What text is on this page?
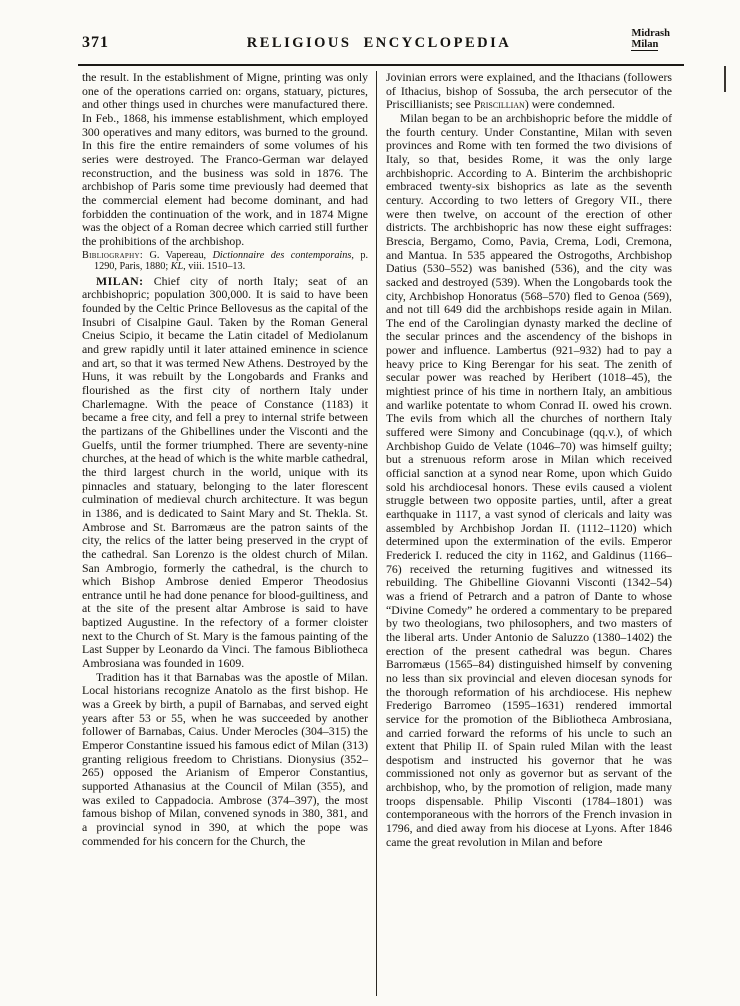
371	RELIGIOUS ENCYCLOPEDIA
Midrash
Milan

the result. In the establishment of Migne, printing was only one of the operations carried on: organs, statuary, pictures, and other things used in churches were manufactured there. In Feb., 1868, his immense establishment, which employed 300 operatives and many editors, was burned to the ground. In this fire the entire remainders of some volumes of his series were destroyed. The Franco-German war delayed reconstruction, and the business was sold in 1876. The archbishop of Paris some time previously had deemed that the commercial element had become dominant, and had forbidden the continuation of the work, and in 1874 Migne was the object of a Roman decree which carried still further the prohibitions of the archbishop.

Bibliography: G. Vapereau, Dictionnaire des contemporains, p. 1290, Paris, 1880; KL, viii. 1510–13.

MILAN: Chief city of north Italy; seat of an archbishopric; population 300,000. It is said to have been founded by the Celtic Prince Bellovesus as the capital of the Insubri of Cisalpine Gaul. Taken by the Roman General Cneius Scipio, it became the Latin citadel of Mediolanum and grew rapidly until it later attained eminence in science and art, so that it was termed New Athens. Destroyed by the Huns, it was rebuilt by the Longobards and Franks and flourished as the first city of northern Italy under Charlemagne. With the peace of Constance (1183) it became a free city, and fell a prey to internal strife between the partizans of the Ghibellines under the Visconti and the Guelfs, until the former triumphed. There are seventy-nine churches, at the head of which is the white marble cathedral, the third largest church in the world, unique with its pinnacles and statuary, belonging to the later florescent culmination of medieval church architecture. It was begun in 1386, and is dedicated to Saint Mary and St. Thekla. St. Ambrose and St. Barromæus are the patron saints of the city, the relics of the latter being preserved in the crypt of the cathedral. San Lorenzo is the oldest church of Milan. San Ambrogio, formerly the cathedral, is the church to which Bishop Ambrose denied Emperor Theodosius entrance until he had done penance for blood-guiltiness, and at the site of the present altar Ambrose is said to have baptized Augustine. In the refectory of a former cloister next to the Church of St. Mary is the famous painting of the Last Supper by Leonardo da Vinci. The famous Bibliotheca Ambrosiana was founded in 1609.

Tradition has it that Barnabas was the apostle of Milan. Local historians recognize Anatolo as the first bishop. He was a Greek by birth, a pupil of Barnabas, and served eight years after 53 or 55, when he was succeeded by another follower of Barnabas, Caius. Under Merocles (304–315) the Emperor Constantine issued his famous edict of Milan (313) granting religious freedom to Christians. Dionysius (352–265) opposed the Arianism of Emperor Constantius, supported Athanasius at the Council of Milan (355), and was exiled to Cappadocia. Ambrose (374–397), the most famous bishop of Milan, convened synods in 380, 381, and a provincial synod in 390, at which the pope was commended for his concern for the Church, the

Jovinian errors were explained, and the Ithacians (followers of Ithacius, bishop of Sossuba, the arch persecutor of the Priscillianists; see Priscillian) were condemned.

Milan began to be an archbishopric before the middle of the fourth century. Under Constantine, Milan with seven provinces and Rome with ten formed the two divisions of Italy, so that, besides Rome, it was the only large archbishopric. According to A. Binterim the archbishopric embraced twenty-six bishoprics as late as the seventh century. According to two letters of Gregory VII., there were then twelve, on account of the erection of other districts. The archbishopric has now these eight suffrages: Brescia, Bergamo, Como, Pavia, Crema, Lodi, Cremona, and Mantua. In 535 appeared the Ostrogoths, Archbishop Datius (530–552) was banished (536), and the city was sacked and destroyed (539). When the Longobards took the city, Archbishop Honoratus (568–570) fled to Genoa (569), and not till 649 did the archbishops reside again in Milan. The end of the Carolingian dynasty marked the decline of the secular princes and the ascendency of the bishops in power and influence. Lambertus (921–932) had to pay a heavy price to King Berengar for his seat. The zenith of secular power was reached by Heribert (1018–45), the mightiest prince of his time in northern Italy, an ambitious and warlike potentate to whom Conrad II. owed his crown. The evils from which all the churches of northern Italy suffered were Simony and Concubinage (qq.v.), of which Archbishop Guido de Velate (1046–70) was himself guilty; but a strenuous reform arose in Milan which received official sanction at a synod near Rome, upon which Guido sold his archdiocesal honors. These evils caused a violent struggle between two opposite parties, until, after a great earthquake in 1117, a vast synod of clericals and laity was assembled by Archbishop Jordan II. (1112–1120) which determined upon the extermination of the evils. Emperor Frederick I. reduced the city in 1162, and Galdinus (1166–76) received the returning fugitives and witnessed its rebuilding. The Ghibelline Giovanni Visconti (1342–54) was a friend of Petrarch and a patron of Dante to whose “Divine Comedy” he ordered a commentary to be prepared by two theologians, two philosophers, and two masters of the liberal arts. Under Antonio de Saluzzo (1380–1402) the erection of the present cathedral was begun. Chares Barromæus (1565–84) distinguished himself by convening no less than six provincial and eleven diocesan synods for the thorough reformation of his archdiocese. His nephew Frederigo Barromeo (1595–1631) rendered immortal service for the promotion of the Bibliotheca Ambrosiana, and carried forward the reforms of his uncle to such an extent that Philip II. of Spain ruled Milan with the least despotism and instructed his governor that he was commissioned not only as governor but as servant of the archbishop, who, by the promotion of religion, made many troops dispensable. Philip Visconti (1784–1801) was contemporaneous with the horrors of the French invasion in 1796, and died away from his diocese at Lyons. After 1846 came the great revolution in Milan and before
